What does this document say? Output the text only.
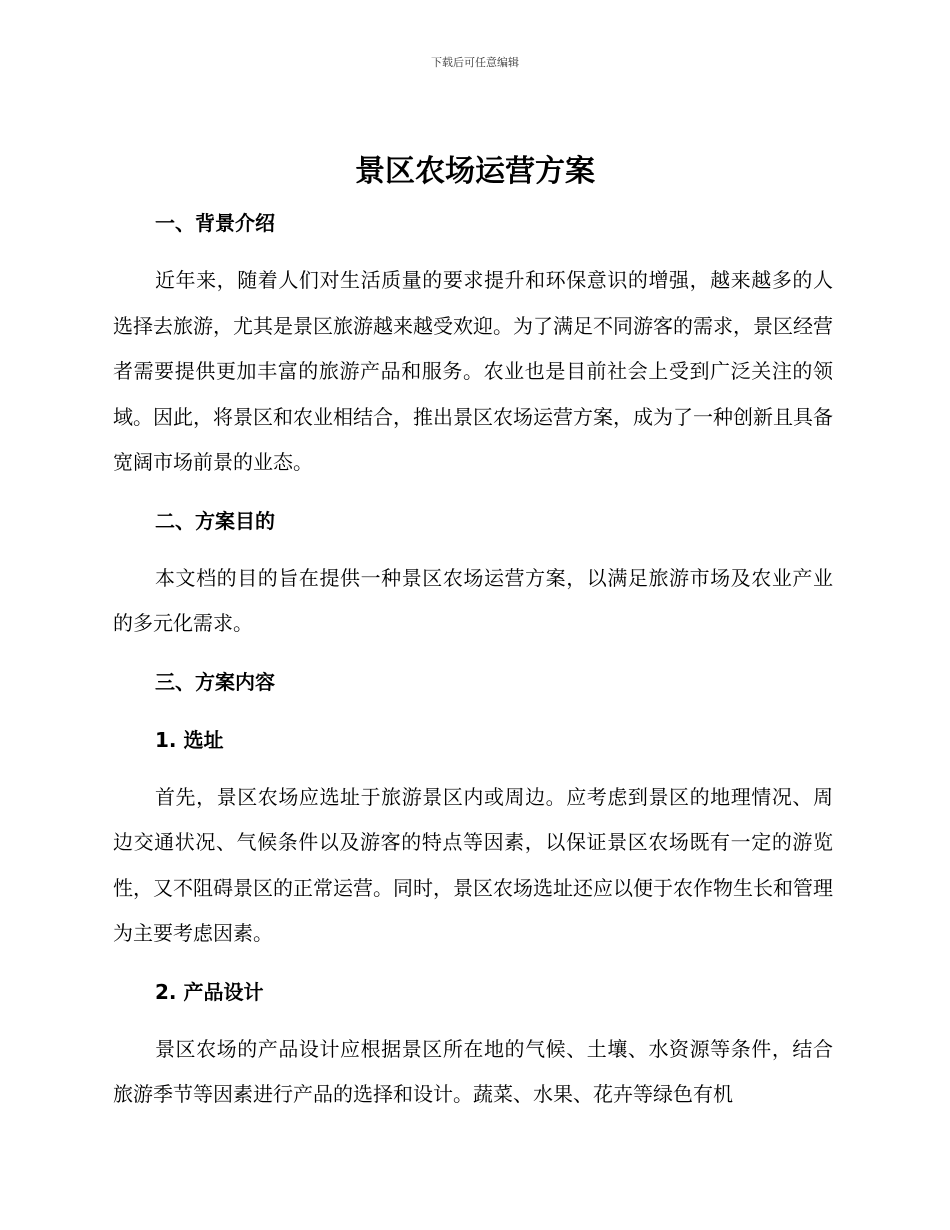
下载后可任意编辑
景区农场运营方案
一、背景介绍
近年来，随着人们对生活质量的要求提升和环保意识的增强，越来越多的人选择去旅游，尤其是景区旅游越来越受欢迎。为了满足不同游客的需求，景区经营者需要提供更加丰富的旅游产品和服务。农业也是目前社会上受到广泛关注的领域。因此，将景区和农业相结合，推出景区农场运营方案，成为了一种创新且具备宽阔市场前景的业态。
二、方案目的
本文档的目的旨在提供一种景区农场运营方案，以满足旅游市场及农业产业的多元化需求。
三、方案内容
1. 选址
首先，景区农场应选址于旅游景区内或周边。应考虑到景区的地理情况、周边交通状况、气候条件以及游客的特点等因素，以保证景区农场既有一定的游览性，又不阻碍景区的正常运营。同时，景区农场选址还应以便于农作物生长和管理为主要考虑因素。
2. 产品设计
景区农场的产品设计应根据景区所在地的气候、土壤、水资源等条件，结合旅游季节等因素进行产品的选择和设计。蔬菜、水果、花卉等绿色有机
